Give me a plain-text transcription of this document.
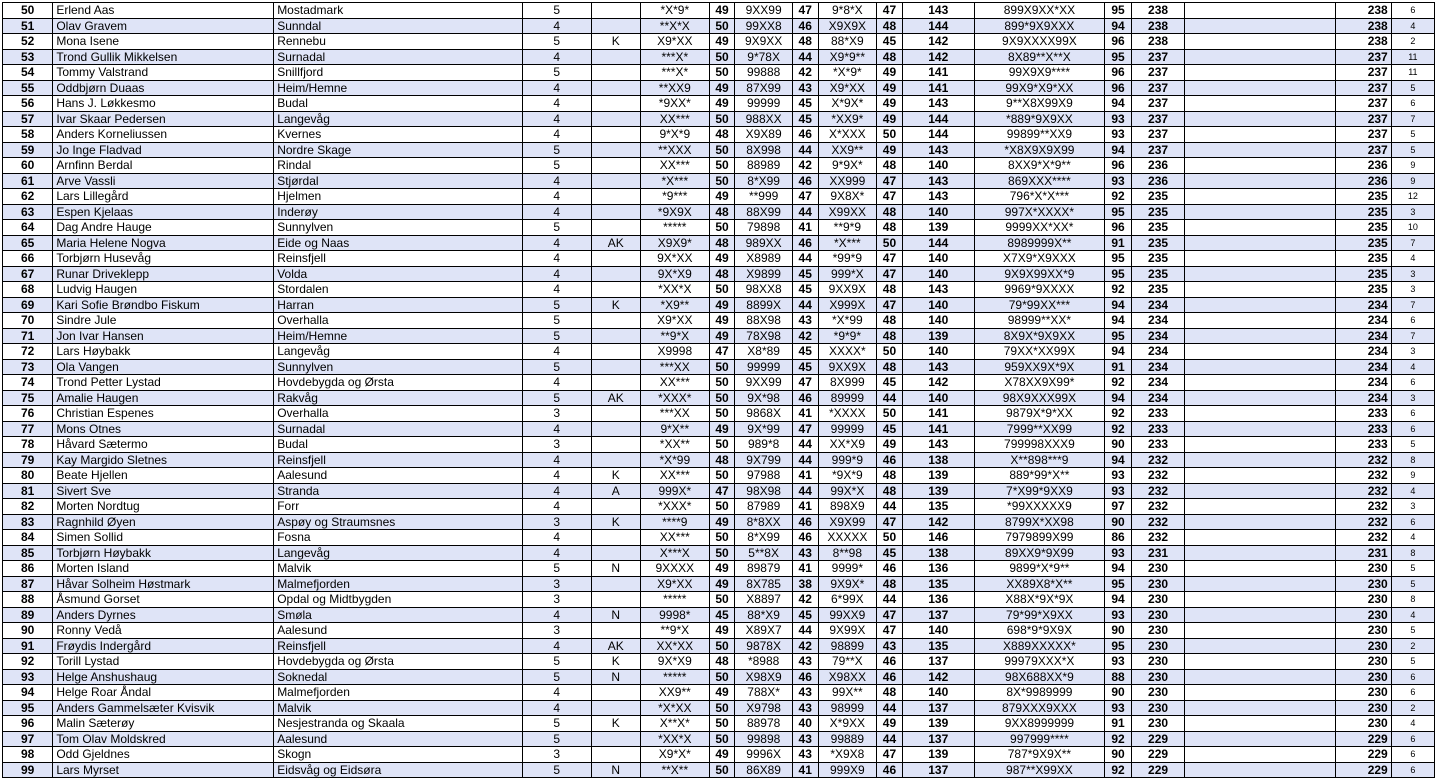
50	Erlend Aas	Mostadmark	5		*X*9*	49	9XX99	47	9*8*X	47	143	899X9XX*XX	95	238		238	6
51	Olav Gravem	Sunndal	4		**X*X	50	99XX8	46	X9X9X	48	144	899*9X9XXX	94	238		238	4
52	Mona Isene	Rennebu	5	K	X9*XX	49	9X9XX	48	88*X9	45	142	9X9XXXX99X	96	238		238	2
53	Trond Gullik Mikkelsen	Surnadal	4		***X*	50	9*78X	44	X9*9**	48	142	8X89**X**X	95	237		237	11
54	Tommy Valstrand	Snillfjord	5		***X*	50	99888	42	*X*9*	49	141	99X9X9****	96	237		237	11
55	Oddbjørn Duaas	Heim/Hemne	4		**XX9	49	87X99	43	X9*XX	49	141	99X9*X9*XX	96	237		237	5
56	Hans J. Løkkesmo	Budal	4		*9XX*	49	99999	45	X*9X*	49	143	9**X8X99X9	94	237		237	6
57	Ivar Skaar Pedersen	Langevåg	4		XX***	50	988XX	45	*XX9*	49	144	*889*9X9XX	93	237		237	7
58	Anders Korneliussen	Kvernes	4		9*X*9	48	X9X89	46	X*XXX	50	144	99899**XX9	93	237		237	5
59	Jo Inge Fladvad	Nordre Skage	5		**XXX	50	8X998	44	XX9**	49	143	*X8X9X9X99	94	237		237	5
60	Arnfinn Berdal	Rindal	5		XX***	50	88989	42	9*9X*	48	140	8XX9*X*9**	96	236		236	9
61	Arve Vassli	Stjørdal	4		*X***	50	8*X99	46	XX999	47	143	869XXX****	93	236		236	9
62	Lars Lillegård	Hjelmen	4		*9***	49	**999	47	9X8X*	47	143	796*X*X***	92	235		235	12
63	Espen Kjelaas	Inderøy	4		*9X9X	48	88X99	44	X99XX	48	140	997X*XXXX*	95	235		235	3
64	Dag Andre Hauge	Sunnylven	5		*****	50	79898	41	**9*9	48	139	9999XX*XX*	96	235		235	10
65	Maria Helene Nogva	Eide og Naas	4	AK	X9X9*	48	989XX	46	*X***	50	144	8989999X**	91	235		235	7
66	Torbjørn Husevåg	Reinsfjell	4		9X*XX	49	X8989	44	*99*9	47	140	X7X9*X9XXX	95	235		235	4
67	Runar Driveklepp	Volda	4		9X*X9	48	X9899	45	999*X	47	140	9X9X99XX*9	95	235		235	3
68	Ludvig Haugen	Stordalen	4		*XX*X	50	98XX8	45	9XX9X	48	143	9969*9XXXX	92	235		235	3
69	Kari Sofie Brøndbo Fiskum	Harran	5	K	*X9**	49	8899X	44	X999X	47	140	79*99XX***	94	234		234	7
70	Sindre Jule	Overhalla	5		X9*XX	49	88X98	43	*X*99	48	140	98999**XX*	94	234		234	6
71	Jon Ivar Hansen	Heim/Hemne	5		**9*X	49	78X98	42	*9*9*	48	139	8X9X*9X9XX	95	234		234	7
72	Lars Høybakk	Langevåg	4		X9998	47	X8*89	45	XXXX*	50	140	79XX*XX99X	94	234		234	3
73	Ola Vangen	Sunnylven	5		***XX	50	99999	45	9XX9X	48	143	959XX9X*9X	91	234		234	4
74	Trond Petter Lystad	Hovdebygda og Ørsta	4		XX***	50	9XX99	47	8X999	45	142	X78XX9X99*	92	234		234	6
75	Amalie Haugen	Rakvåg	5	AK	*XXX*	50	9X*98	46	89999	44	140	98X9XXX99X	94	234		234	3
76	Christian Espenes	Overhalla	3		***XX	50	9868X	41	*XXXX	50	141	9879X*9*XX	92	233		233	6
77	Mons Otnes	Surnadal	4		9*X**	49	9X*99	47	99999	45	141	7999**XX99	92	233		233	6
78	Håvard Sætermo	Budal	3		*XX**	50	989*8	44	XX*X9	49	143	799998XXX9	90	233		233	5
79	Kay Margido Sletnes	Reinsfjell	4		*X*99	48	9X799	44	999*9	46	138	X**898***9	94	232		232	8
80	Beate Hjellen	Aalesund	4	K	XX***	50	97988	41	*9X*9	48	139	889*99*X**	93	232		232	9
81	Sivert Sve	Stranda	4	A	999X*	47	98X98	44	99X*X	48	139	7*X99*9XX9	93	232		232	4
82	Morten Nordtug	Forr	4		*XXX*	50	87989	41	898X9	44	135	*99XXXXX9	97	232		232	3
83	Ragnhild Øyen	Aspøy og Straumsnes	3	K	****9	49	8*8XX	46	X9X99	47	142	8799X*XX98	90	232		232	6
84	Simen Sollid	Fosna	4		XX***	50	8*X99	46	XXXXX	50	146	7979899X99	86	232		232	4
85	Torbjørn Høybakk	Langevåg	4		X***X	50	5**8X	43	8**98	45	138	89XX9*9X99	93	231		231	8
86	Morten Island	Malvik	5	N	9XXXX	49	89879	41	9999*	46	136	9899*X*9**	94	230		230	5
87	Håvar Solheim Høstmark	Malmefjorden	3		X9*XX	49	8X785	38	9X9X*	48	135	XX89X8*X**	95	230		230	5
88	Åsmund Gorset	Opdal og Midtbygden	3		*****	50	X8897	42	6*99X	44	136	X88X*9X*9X	94	230		230	8
89	Anders Dyrnes	Smøla	4	N	9998*	45	88*X9	45	99XX9	47	137	79*99*X9XX	93	230		230	4
90	Ronny Vedå	Aalesund	3		**9*X	49	X89X7	44	9X99X	47	140	698*9*9X9X	90	230		230	5
91	Frøydis Indergård	Reinsfjell	4	AK	XX*XX	50	9878X	42	98899	43	135	X889XXXXX*	95	230		230	2
92	Torill Lystad	Hovdebygda og Ørsta	5	K	9X*X9	48	*8988	43	79**X	46	137	99979XXX*X	93	230		230	5
93	Helge Anshushaug	Soknedal	5	N	*****	50	X98X9	46	X98XX	46	142	98X688XX*9	88	230		230	6
94	Helge Roar Åndal	Malmefjorden	4		XX9**	49	788X*	43	99X**	48	140	8X*9989999	90	230		230	6
95	Anders Gammelsæter Kvisvik	Malvik	4		*X*XX	50	X9798	43	98999	44	137	879XXX9XXX	93	230		230	2
96	Malin Sæterøy	Nesjestranda og Skaala	5	K	X**X*	50	88978	40	X*9XX	49	139	9XX8999999	91	230		230	4
97	Tom Olav Moldskred	Aalesund	5		*XX*X	50	99898	43	99889	44	137	997999****	92	229		229	6
98	Odd Gjeldnes	Skogn	3		X9*X*	49	9996X	43	*X9X8	47	139	787*9X9X**	90	229		229	6
99	Lars Myrset	Eidsvåg og Eidsøra	5	N	**X**	50	86X89	41	999X9	46	137	987**X99XX	92	229		229	6
